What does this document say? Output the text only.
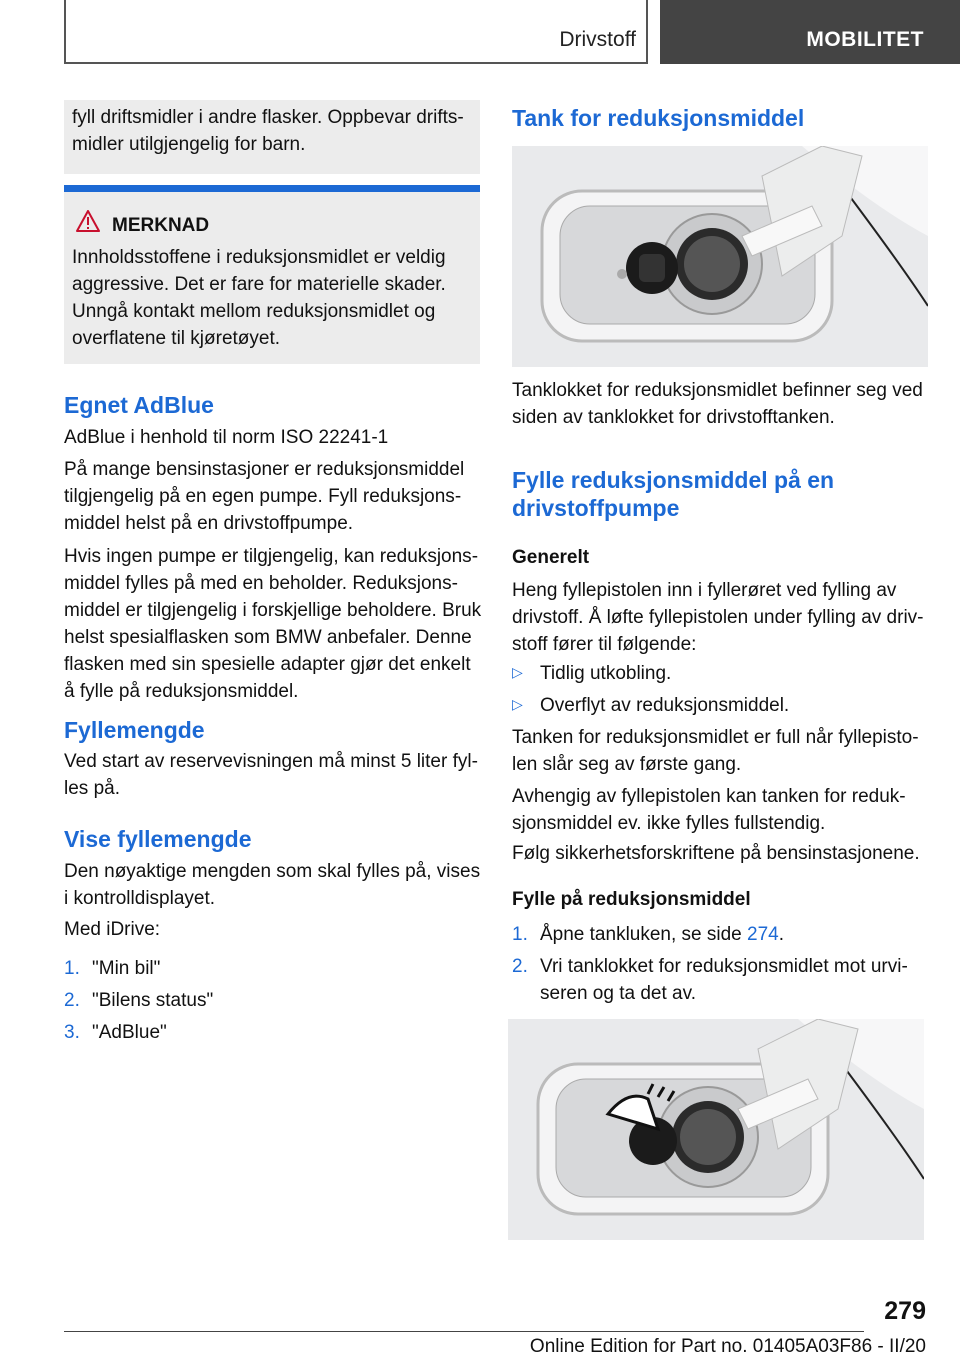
Drivstoff	MOBILITET

fyll driftsmidler i andre flasker. Oppbevar driftsmidler utilgjengelig for barn.

MERKNAD

Innholdsstoffene i reduksjonsmidlet er veldig aggressive. Det er fare for materielle skader. Unngå kontakt mellom reduksjonsmidlet og overflatene til kjøretøyet.

Egnet AdBlue

AdBlue i henhold til norm ISO 22241-1

På mange bensinstasjoner er reduksjonsmiddel tilgjengelig på en egen pumpe. Fyll reduksjonsmiddel helst på en drivstoffpumpe.

Hvis ingen pumpe er tilgjengelig, kan reduksjonsmiddel fylles på med en beholder. Reduksjonsmiddel er tilgjengelig i forskjellige beholdere. Bruk helst spesialflasken som BMW anbefaler. Denne flasken med sin spesielle adapter gjør det enkelt å fylle på reduksjonsmiddel.

Fyllemengde

Ved start av reservevisningen må minst 5 liter fylles på.

Vise fyllemengde

Den nøyaktige mengden som skal fylles på, vises i kontrolldisplayet.

Med iDrive:

1. "Min bil"
2. "Bilens status"
3. "AdBlue"
Tank for reduksjonsmiddel

Tanklokket for reduksjonsmidlet befinner seg ved siden av tanklokket for drivstofftanken.

Fylle reduksjonsmiddel på en drivstoffpumpe
Generelt

Heng fyllepistolen inn i fyllerøret ved fylling av drivstoff. Å løfte fyllepistolen under fylling av drivstoff fører til følgende:

▷ Tidlig utkobling.
▷ Overflyt av reduksjonsmiddel.

Tanken for reduksjonsmidlet er full når fyllepistolen slår seg av første gang.

Avhengig av fyllepistolen kan tanken for reduksjonsmiddel ev. ikke fylles fullstendig.

Følg sikkerhetsforskriftene på bensinstasjonene.

Fylle på reduksjonsmiddel
1. Åpne tankluken, se side 274.
2. Vri tanklokket for reduksjonsmidlet mot urviseren og ta det av.
279
Online Edition for Part no. 01405A03F86 - II/20
